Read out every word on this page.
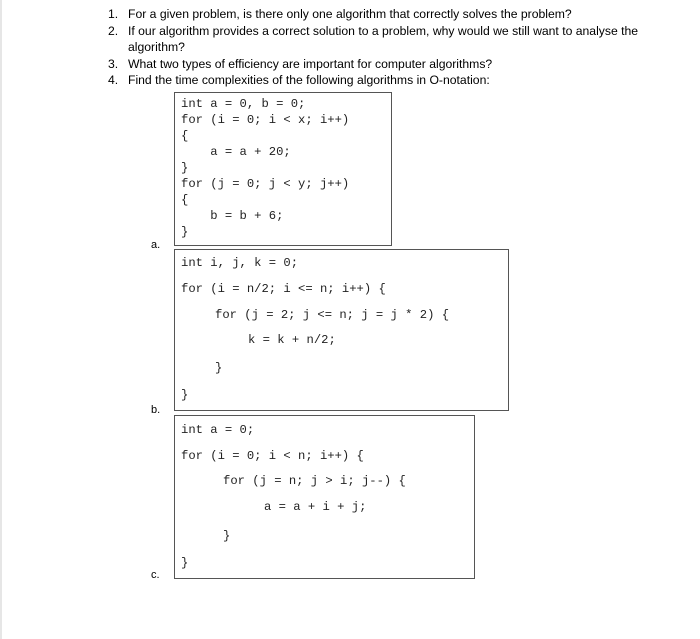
1. For a given problem, is there only one algorithm that correctly solves the problem?

2. If our algorithm provides a correct solution to a problem, why would we still want to analyse the algorithm?

3. What two types of efficiency are important for computer algorithms?

4. Find the time complexities of the following algorithms in O-notation:

int a = 0, b = 0;

for (i = 0; i < x; i++)

{

a = a + 20;

}

for (j = 0; j < y; j++)

{

b = b + 6;

}

a.

int i, j, k = 0;

for (i = n/2; i <= n; i++) {

for (j = 2; j <= n; j = j * 2) {

k = k + n/2;

}

}

b.

int a = 0;

for (i = 0; i < n; i++) {

for (j = n; j > i; j--) {

a = a + i + j;

}

}

c.
